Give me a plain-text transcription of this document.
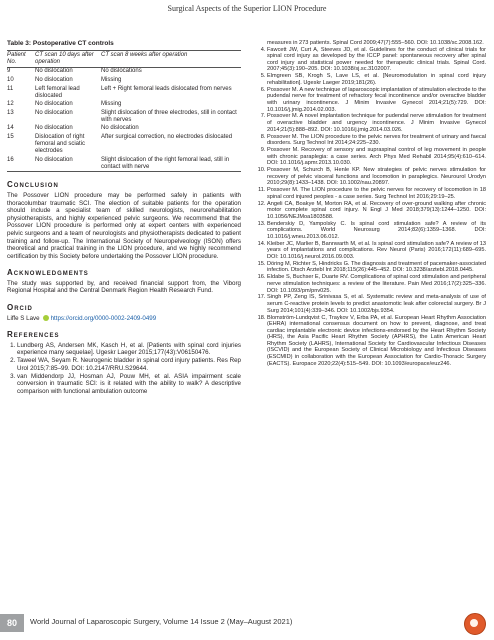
Surgical Aspects of the Superior LION Procedure

Table 3: Postoperative CT controls

Patient No.	CT scan 10 days after operation	CT scan 8 weeks after operation
9	No dislocation	No dislocations
10	No dislocation	Missing
11	Left femoral lead dislocated	Left + Right femoral leads dislocated from nerves
12	No dislocation	Missing
13	No dislocation	Slight dislocation of three electrodes, still in contact with nerves
14	No dislocation	No dislocation
15	Dislocation of right femoral and sciatic electrodes	After surgical correction, no electrodes dislocated
16	No dislocation	Slight dislocation of the right femoral lead, still in contact with nerve
Conclusion

The Possover LION procedure may be performed safely in patients with thoracolumbar traumatic SCI. The election of suitable patients for the operation should include a specialist team of skilled neurologists, neurorehabilitation physiotherapists, and highly experienced pelvic surgeons. We recommend that the Possover LION procedure is performed only at expert centers with experienced pelvic surgeons and a team of neurologists and physiotherapists dedicated to patient training and follow-up. The International Society of Neuropelveology (ISON) offers theoretical and practical training in the LION procedure, and we highly recommend certification by this Society before undertaking the Possover LION procedure.

Acknowledgments

The study was supported by, and received financial support from, the Viborg Regional Hospital and the Central Denmark Region Health Research Fund.

Orcid

Liffe S Lave https://orcid.org/0000-0002-2409-0499

References
1. Lundberg AS, Andersen MK, Kasch H, et al. [Patients with spinal cord injuries experience many sequelae]. Ugeskr Laeger 2015;177(43):V06150476.
2. Taweel WA, Seyam R. Neurogenic bladder in spinal cord injury patients. Res Rep Urol 2015;7:85–99. DOI: 10.2147/RRU.S29644.
3. van Middendorp JJ, Hosman AJ, Pouw MH, et al. ASIA impairment scale conversion in traumatic SCI: is it related with the ability to walk? A descriptive comparison with functional ambulation outcome

measures in 273 patients. Spinal Cord 2009;47(7):555–560. DOI: 10.1038/sc.2008.162.

4. Fawcett JW, Curt A, Steeves JD, et al. Guidelines for the conduct of clinical trials for spinal cord injury as developed by the ICCP panel: spontaneous recovery after spinal cord injury and statistical power needed for therapeutic clinical trials. Spinal Cord. 2007;45(3):190–205. DOI: 10.1038/sj.sc.3102007.
5. Elmgreen SB, Krogh S, Lave LS, et al. [Neuromodulation in spinal cord injury rehabilitation]. Ugeskr Laeger 2019;181(26).
6. Possover M. A new technique of laparoscopic implantation of stimulation electrode to the pudendal nerve for treatment of refractory fecal incontinence and/or overactive bladder with urinary incontinence. J Minim Invasive Gynecol 2014;21(5):729. DOI: 10.1016/j.jmig.2014.02.003.
7. Possover M. A novel implantation technique for pudendal nerve stimulation for treatment of overactive bladder and urgency incontinence. J Minim Invasive Gynecol 2014;21(5):888–892. DOI: 10.1016/j.jmig.2014.03.026.
8. Possover M. The LION procedure to the pelvic nerves for treatment of urinary and faecal disorders. Surg Technol Int 2014;24:225–230.
9. Possover M. Recovery of sensory and supraspinal control of leg movement in people with chronic paraplegia: a case series. Arch Phys Med Rehabil 2014;95(4):610–614. DOI: 10.1016/j.apmr.2013.10.030.
10. Possover M, Schurch B, Henle KP. New strategies of pelvic nerves stimulation for recovery of pelvic visceral functions and locomotion in paraplegics. Neurourol Urodyn 2010;29(8):1433–1438. DOI: 10.1002/nau.20897.
11. Possover M. The LION procedure to the pelvic nerves for recovery of locomotion in 18 spinal cord injured peoples - a case series. Surg Technol Int 2016;29:19–25.
12. Angeli CA, Boakye M, Morton RA, et al. Recovery of over-ground walking after chronic motor complete spinal cord injury. N Engl J Med 2018;379(13):1244–1250. DOI: 10.1056/NEJMoa1803588.
13. Benderskiy D, Yampolsky C. Is spinal cord stimulation safe? A review of its complications. World Neurosurg 2014;82(6):1359–1368. DOI: 10.1016/j.wneu.2013.06.012.
14. Kleiber JC, Marlier B, Bannwarth M, et al. Is spinal cord stimulation safe? A review of 13 years of implantations and complications. Rev Neurol (Paris) 2016;172(11):689–695. DOI: 10.1016/j.neurol.2016.09.003.
15. Döring M, Richter S, Hindricks G. The diagnosis and treatment of pacemaker-associated infection. Dtsch Arztebl Int 2018;115(26):445–452. DOI: 10.3238/arztebl.2018.0445.
16. Eldabe S, Buchser E, Duarte RV. Complications of spinal cord stimulation and peripheral nerve stimulation techniques: a review of the literature. Pain Med 2016;17(2):325–336. DOI: 10.1093/pm/pnv025.
17. Singh PP, Zeng IS, Srinivasa S, et al. Systematic review and meta-analysis of use of serum C-reactive protein levels to predict anastomotic leak after colorectal surgery. Br J Surg 2014;101(4):339–346. DOI: 10.1002/bjs.9354.
18. Blomström-Lundqvist C, Traykov V, Erba PA, et al. European Heart Rhythm Association (EHRA) international consensus document on how to prevent, diagnose, and treat cardiac implantable electronic device infections-endorsed by the Heart Rhythm Society (HRS), the Asia Pacific Heart Rhythm Society (APHRS), the Latin American Heart Rhythm Society (LAHRS), International Society for Cardiovascular Infectious Diseases (ISCVID) and the European Society of Clinical Microbiology and Infectious Diseases (ESCMID) in collaboration with the European Association for Cardio-Thoracic Surgery (EACTS). Europace 2020;22(4):515–549. DOI: 10.1093/europace/euz246.
80	World Journal of Laparoscopic Surgery, Volume 14 Issue 2 (May–August 2021)
